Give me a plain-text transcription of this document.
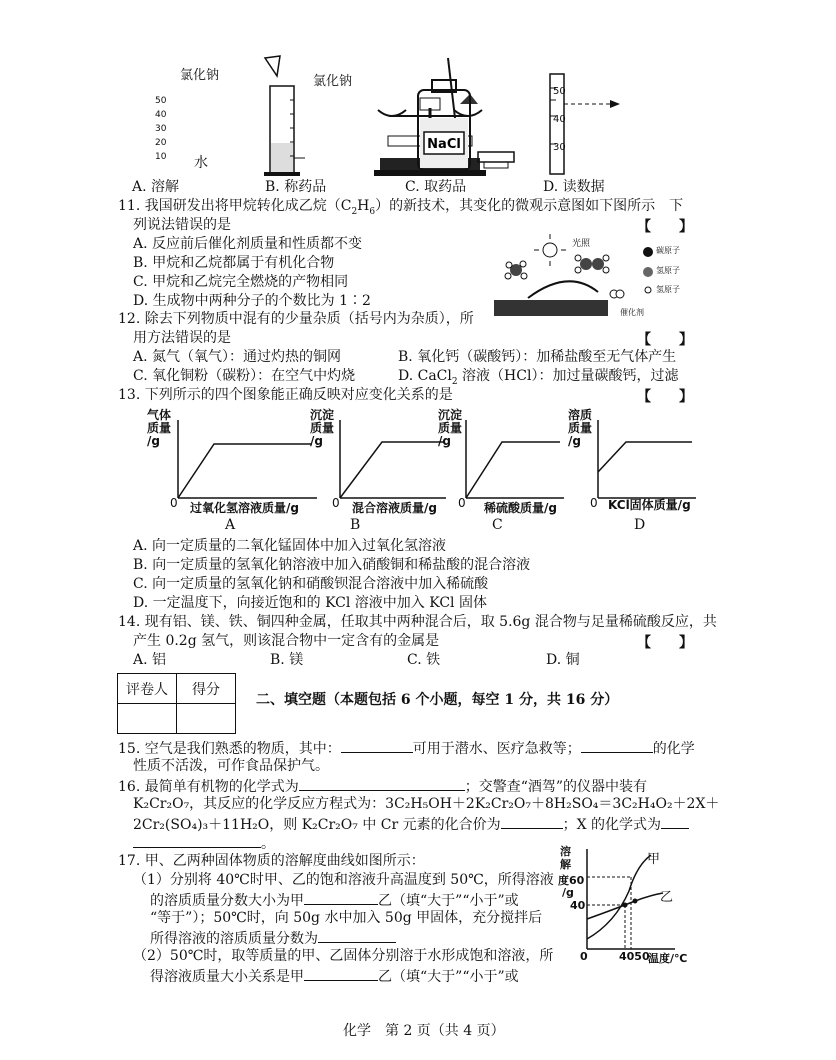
NaCl
氯化钠
水
50
40
30
20
10
氯化钠
50
40
30
A. 溶解	B. 称药品	C. 取药品	D. 读数据
11. 我国研发出将甲烷转化成乙烷$(C_2H_6)$的新技术，其变化的微观示意图如下图所示　下
列说法错误的是	【　　】
A. 反应前后催化剂质量和性质都不变
B. 甲烷和乙烷都属于有机化合物
C. 甲烷和乙烷完全燃烧的产物相同
D. 生成物中两种分子的个数比为 1∶2
光照
碳原子
氢原子
氢原子
催化剂
12. 除去下列物质中混有的少量杂质（括号内为杂质），所
用方法错误的是	【　　】
A. 氮气（氧气）：通过灼热的铜网	B. 氧化钙（碳酸钙）：加稀盐酸至无气体产生
C. 氧化铜粉（碳粉）：在空气中灼烧	D. CaCl$_2$ 溶液（HCl）：加过量碳酸钙，过滤
13. 下列所示的四个图象能正确反映对应变化关系的是	【　　】
气体
质量
/g
0 过氧化氢溶液质量/g
A
沉淀
质量
/g
0 混合溶液质量/g
B
沉淀
质量
/g
0 稀硫酸质量/g
C
溶质
质量
/g
0 KCl固体质量/g
D
A. 向一定质量的二氧化锰固体中加入过氧化氢溶液
B. 向一定质量的氢氧化钠溶液中加入硝酸铜和稀盐酸的混合溶液
C. 向一定质量的氢氧化钠和硝酸钡混合溶液中加入稀硫酸
D. 一定温度下，向接近饱和的 KCl 溶液中加入 KCl 固体
14. 现有铝、镁、铁、铜四种金属，任取其中两种混合后，取 5.6g 混合物与足量稀硫酸反应，共
产生 0.2g 氢气，则该混合物中一定含有的金属是	【　　】
A. 铝	B. 镁	C. 铁	D. 铜
评卷人	得分

二、填空题（本题包括 6 个小题，每空 1 分，共 16 分）
15. 空气是我们熟悉的物质，其中：	可用于潜水、医疗急救等；	的化学
性质不活泼，可作食品保护气。
16. 最简单有机物的化学式为	；交警查“酒驾”的仪器中装有
K₂Cr₂O₇，其反应的化学反应方程式为：3C₂H₅OH＋2K₂Cr₂O₇＋8H₂SO₄＝3C₂H₄O₂＋2X＋
2Cr₂(SO₄)₃＋11H₂O，则 K₂Cr₂O₇ 中 Cr 元素的化合价为	；X 的化学式为
。
17. 甲、乙两种固体物质的溶解度曲线如图所示：
（1）分别将 40℃时甲、乙的饱和溶液升高温度到 50℃，所得溶液
的溶质质量分数大小为甲	乙（填“大于”“小于”或
“等于”）；50℃时，向 50g 水中加入 50g 甲固体，充分搅拌后
所得溶液的溶质质量分数为
（2）50℃时，取等质量的甲、乙固体分别溶于水形成饱和溶液，所
得溶液质量大小关系是甲	乙（填“大于”“小于”或
溶
解
度60
/g
40
0	4050
温度/℃
甲
乙
化学　第 2 页（共 4 页）
